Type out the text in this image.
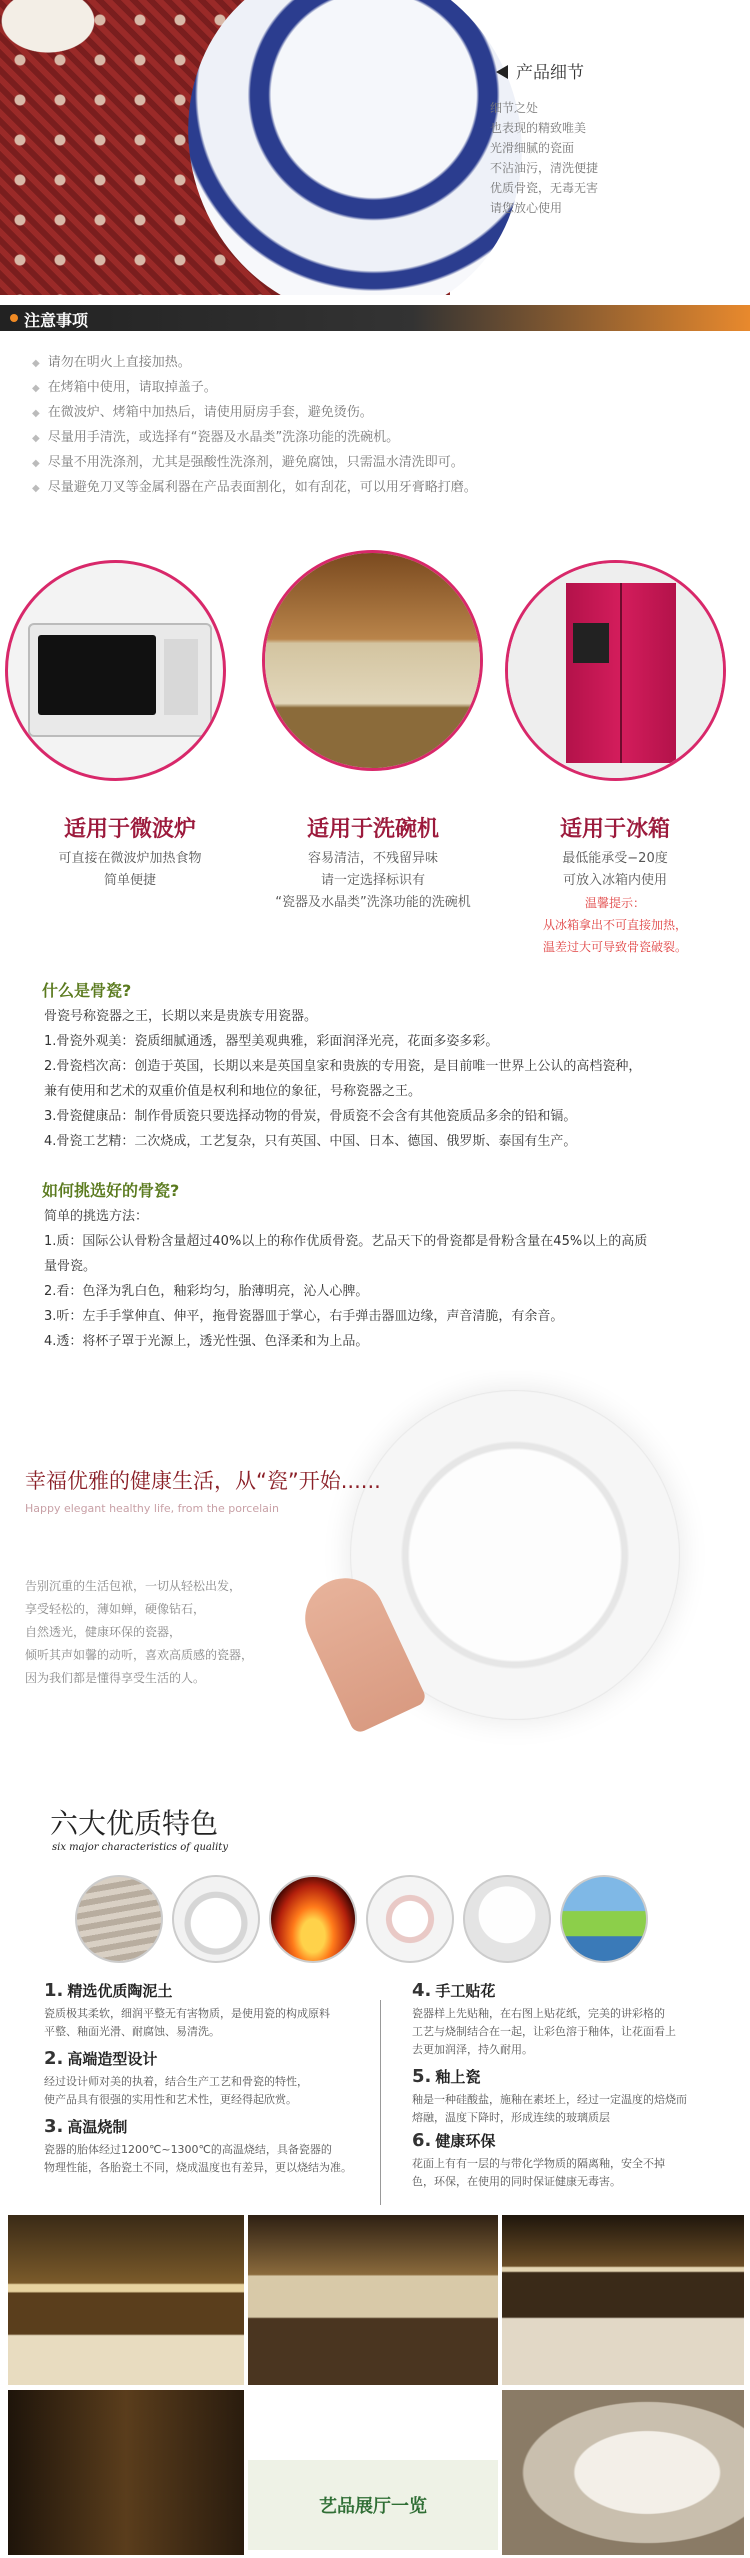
产品细节
细节之处
也表现的精致唯美
光滑细腻的瓷面
不沾油污，清洗便捷
优质骨瓷，无毒无害
请您放心使用
注意事项
◆ 请勿在明火上直接加热。
◆ 在烤箱中使用，请取掉盖子。
◆ 在微波炉、烤箱中加热后，请使用厨房手套，避免烫伤。
◆ 尽量用手清洗，或选择有“瓷器及水晶类”洗涤功能的洗碗机。
◆ 尽量不用洗涤剂，尤其是强酸性洗涤剂，避免腐蚀，只需温水清洗即可。
◆ 尽量避免刀叉等金属利器在产品表面割化，如有刮花，可以用牙膏略打磨。
适用于微波炉
可直接在微波炉加热食物
简单便捷
适用于洗碗机
容易清洁，不残留异味
请一定选择标识有
“瓷器及水晶类”洗涤功能的洗碗机
适用于冰箱
最低能承受−20度
可放入冰箱内使用
温馨提示：
从冰箱拿出不可直接加热，
温差过大可导致骨瓷破裂。
什么是骨瓷?
骨瓷号称瓷器之王，长期以来是贵族专用瓷器。
1.骨瓷外观美：瓷质细腻通透，器型美观典雅，彩面润泽光亮，花面多姿多彩。
2.骨瓷档次高：创造于英国，长期以来是英国皇家和贵族的专用瓷，是目前唯一世界上公认的高档瓷种，
兼有使用和艺术的双重价值是权利和地位的象征，号称瓷器之王。
3.骨瓷健康品：制作骨质瓷只要选择动物的骨炭，骨质瓷不会含有其他瓷质品多余的铅和镉。
4.骨瓷工艺精：二次烧成，工艺复杂，只有英国、中国、日本、德国、俄罗斯、泰国有生产。
如何挑选好的骨瓷?
简单的挑选方法：
1.质：国际公认骨粉含量超过40%以上的称作优质骨瓷。艺品天下的骨瓷都是骨粉含量在45%以上的高质
量骨瓷。
2.看：色泽为乳白色，釉彩均匀，胎薄明亮，沁人心脾。
3.听：左手手掌伸直、伸平，拖骨瓷器皿于掌心，右手弹击器皿边缘，声音清脆，有余音。
4.透：将杯子罩于光源上，透光性强、色泽柔和为上品。
幸福优雅的健康生活，从“瓷”开始......
Happy elegant healthy life, from the porcelain
告别沉重的生活包袱，一切从轻松出发，
享受轻松的，薄如蝉，硬像钻石，
自然透光，健康环保的瓷器，
倾听其声如馨的动听，喜欢高质感的瓷器，
因为我们都是懂得享受生活的人。
六大优质特色
six major characteristics of quality
1. 精选优质陶泥土
瓷质极其柔软，细润平整无有害物质，是使用瓷的构成原料
平整、釉面光滑、耐腐蚀、易清洗。
2. 高端造型设计
经过设计师对美的执着，结合生产工艺和骨瓷的特性，
使产品具有很强的实用性和艺术性，更经得起欣赏。
3. 高温烧制
瓷器的胎体经过1200℃~1300℃的高温烧结，具备瓷器的
物理性能，各胎瓷土不同，烧成温度也有差异，更以烧结为准。
4. 手工贴花
瓷器样上先贴釉，在右图上贴花纸，完美的讲彩格的
工艺与烧制结合在一起，让彩色溶于釉体，让花面看上
去更加润泽，持久耐用。
5. 釉上瓷
釉是一种硅酸盐，施釉在素坯上，经过一定温度的焙烧而
熔融，温度下降时，形成连续的玻璃质层
6. 健康环保
花面上有有一层的与带化学物质的隔离釉，安全不掉
色，环保，在使用的同时保证健康无毒害。
艺品展厅一览
